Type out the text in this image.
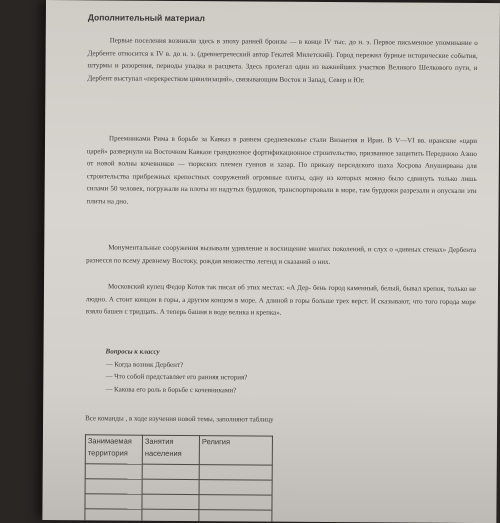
Дополнительный материал

Первые поселения возникли здесь в эпоху ранней бронзы — в конце IV тыс. до н. э. Первое письменное упоминание о Дербенте относится к IV в. до н. э. (древнегреческий автор Гекатей Милетский). Город пережил бурные исторические события, штурмы и разорения, периоды упадка и расцвета. Здесь пролегал один из важнейших участков Великого Шелкового пути, и Дербент выступал «перекрестком цивилизаций», связывающим Восток и Запад, Север и Юг.

Преемниками Рима в борьбе за Кавказ в раннем средневековье стали Византия и Иран. В V—VI вв. иранские «цари царей» развернули на Восточном Кавказе грандиозное фортификационное строительство, призванное защитить Переднюю Азию от новой волны кочевников — тюркских племен гуннов и хазар. По приказу персидского шаха Хосрова Ануширвана для строительства прибрежных крепостных сооружений огромные плиты, одну из которых можно было сдвинуть только лишь силами 50 человек, погружали на плоты из надутых бурдюков, транспортировали в море, там бурдюки разрезали и опускали эти плиты на дно.

Монументальные сооружения вызывали удивление и восхищение многих поколений, и слух о «дивных стенах» Дербента разнесся по всему древнему Востоку, рождая множество легенд и сказаний о них.

Московский купец Федор Котов так писал об этих местах: «А Дер- бень город каменный, белый, бывал крепок, только не людно. А стоит концом в горы, а другим концом в море. А длиной в горы больше трех верст. И сказывают, что того города море взяло башен с тридцать. А теперь башня в воде велика и крепка».

Вопросы к классу
— Когда возник Дербент?
— Что собой представляет его ранняя история?
— Какова его роль в борьбе с кочевниками?
Все команды , в ходе изучения новой темы, заполняют таблицу
Занимаемая территория	Занятия населения	Религия
